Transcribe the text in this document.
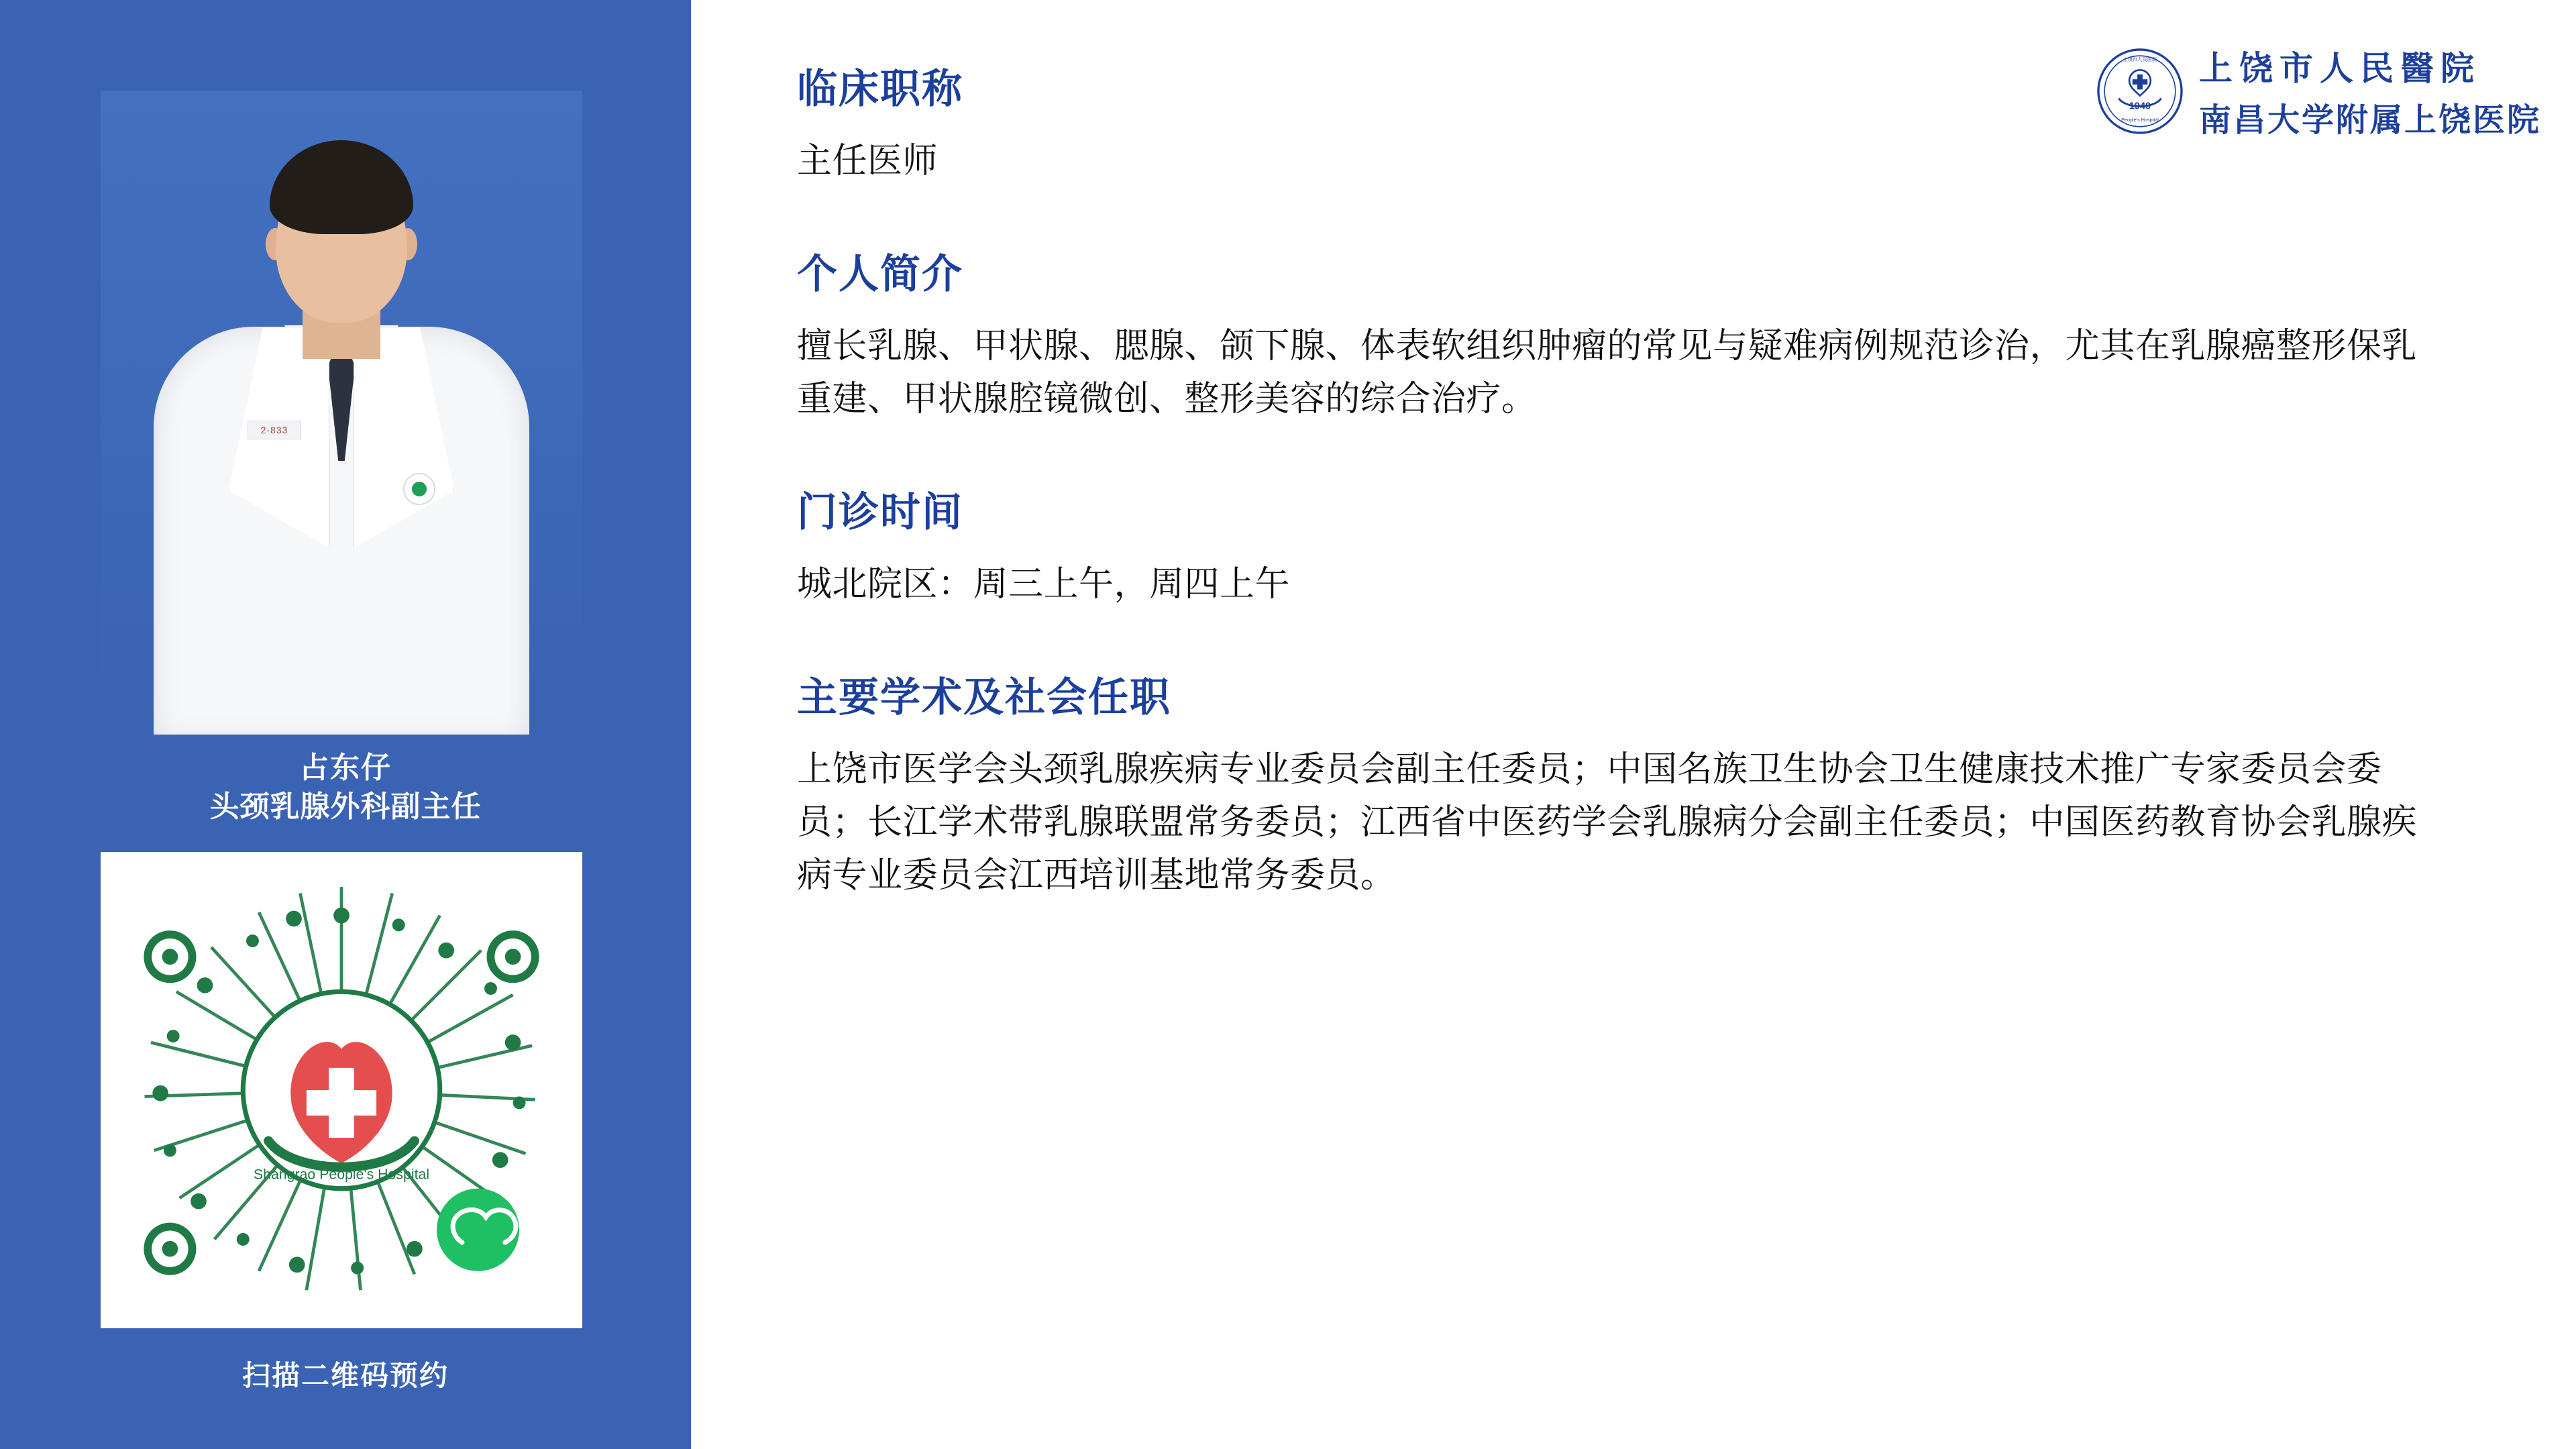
2-833
占东仔
头颈乳腺外科副主任
Shangrao People's Hospital
扫描二维码预约
1940
People's Hospital
上饶市人民医院 上饶市人民醫院
南昌大学附属上饶医院
临床职称

主任医师

个人简介

擅长乳腺、甲状腺、腮腺、颌下腺、体表软组织肿瘤的常见与疑难病例规范诊治，尤其在乳腺癌整形保乳重建、甲状腺腔镜微创、整形美容的综合治疗。

门诊时间

城北院区：周三上午，周四上午

主要学术及社会任职

上饶市医学会头颈乳腺疾病专业委员会副主任委员；中国名族卫生协会卫生健康技术推广专家委员会委员；长江学术带乳腺联盟常务委员；江西省中医药学会乳腺病分会副主任委员；中国医药教育协会乳腺疾病专业委员会江西培训基地常务委员。
